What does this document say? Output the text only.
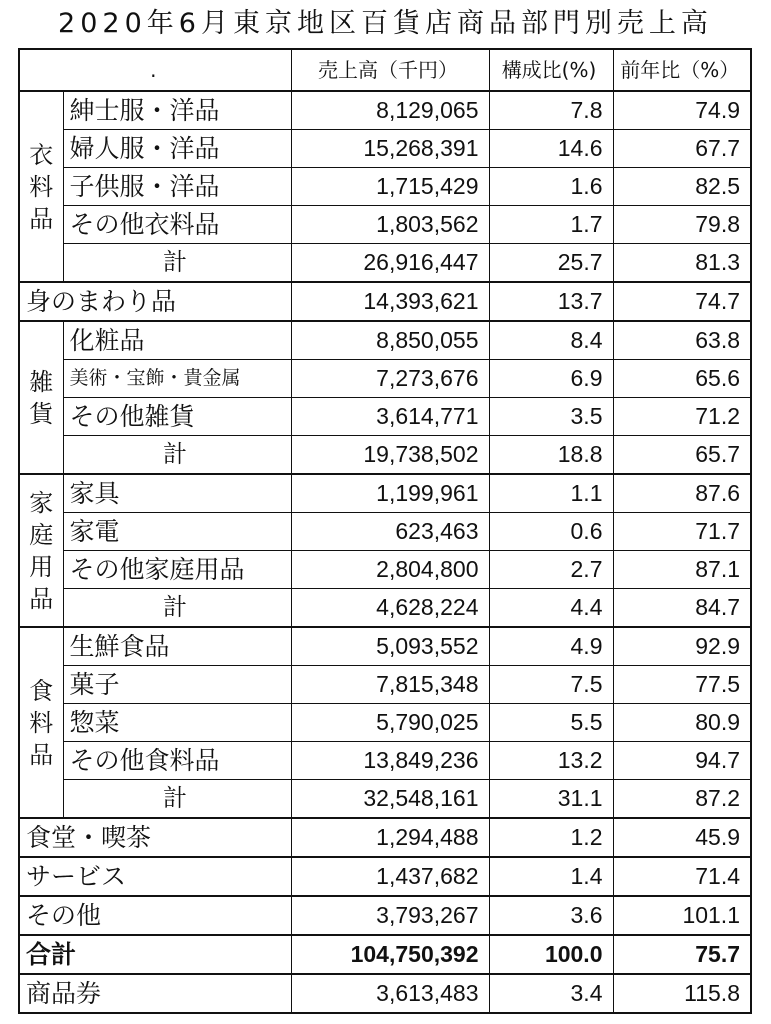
2020年6月東京地区百貨店商品部門別売上高
.		売上高（千円）	構成比(%)	前年比（%）
衣料品	紳士服・洋品	8,129,065	7.8	74.9
	婦人服・洋品	15,268,391	14.6	67.7
	子供服・洋品	1,715,429	1.6	82.5
	その他衣料品	1,803,562	1.7	79.8
	計	26,916,447	25.7	81.3
身のまわり品		14,393,621	13.7	74.7
雑貨	化粧品	8,850,055	8.4	63.8
	美術・宝飾・貴金属	7,273,676	6.9	65.6
	その他雑貨	3,614,771	3.5	71.2
	計	19,738,502	18.8	65.7
家庭用品	家具	1,199,961	1.1	87.6
	家電	623,463	0.6	71.7
	その他家庭用品	2,804,800	2.7	87.1
	計	4,628,224	4.4	84.7
食料品	生鮮食品	5,093,552	4.9	92.9
	菓子	7,815,348	7.5	77.5
	惣菜	5,790,025	5.5	80.9
	その他食料品	13,849,236	13.2	94.7
	計	32,548,161	31.1	87.2
食堂・喫茶		1,294,488	1.2	45.9
サービス		1,437,682	1.4	71.4
その他		3,793,267	3.6	101.1
合計		104,750,392	100.0	75.7
商品券		3,613,483	3.4	115.8
